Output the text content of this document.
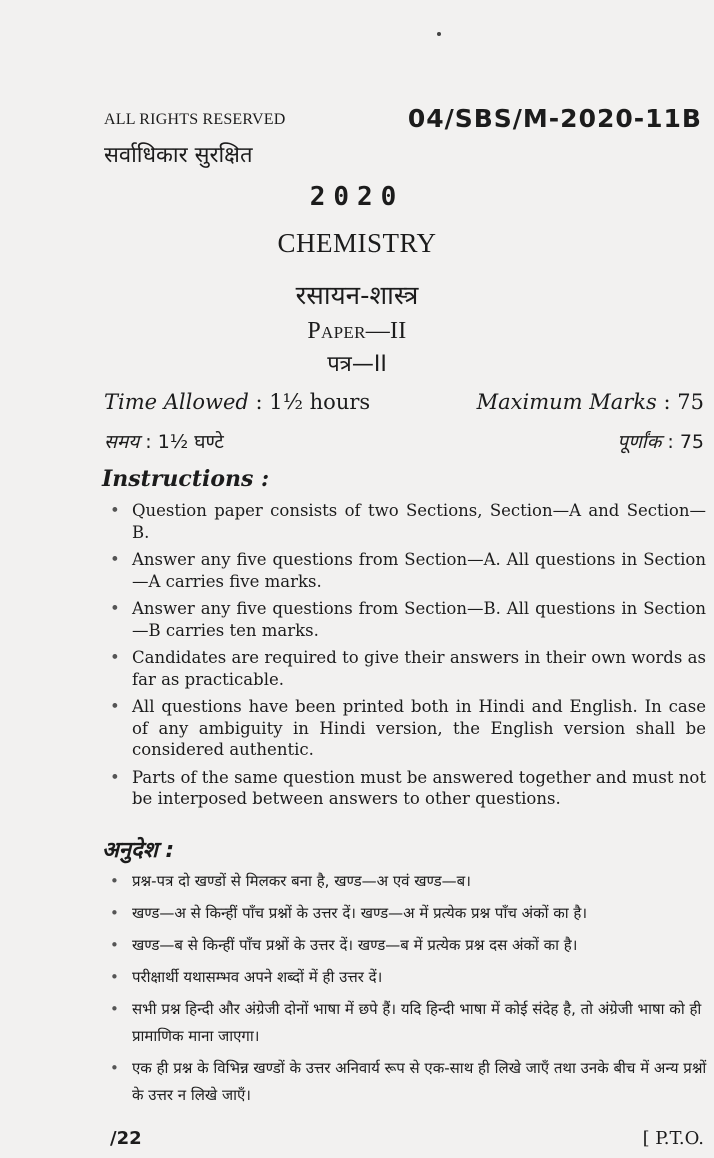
ALL RIGHTS RESERVED
सर्वाधिकार सुरक्षित
04/SBS/M-2020-11B
2020
CHEMISTRY
रसायन-शास्त्र
Paper—II
पत्र—II
Time Allowed : 1½ hours	Maximum Marks : 75
समय : 1½ घण्टे	पूर्णांक : 75
Instructions :
• Question paper consists of two Sections, Section—A and Section—B.
• Answer any five questions from Section—A. All questions in Section—A carries five marks.
• Answer any five questions from Section—B. All questions in Section—B carries ten marks.
• Candidates are required to give their answers in their own words as far as practicable.
• All questions have been printed both in Hindi and English. In case of any ambiguity in Hindi version, the English version shall be considered authentic.
• Parts of the same question must be answered together and must not be interposed between answers to other questions.
अनुदेश :
• प्रश्न-पत्र दो खण्डों से मिलकर बना है, खण्ड—अ एवं खण्ड—ब।
• खण्ड—अ से किन्हीं पाँच प्रश्नों के उत्तर दें। खण्ड—अ में प्रत्येक प्रश्न पाँच अंकों का है।
• खण्ड—ब से किन्हीं पाँच प्रश्नों के उत्तर दें। खण्ड—ब में प्रत्येक प्रश्न दस अंकों का है।
• परीक्षार्थी यथासम्भव अपने शब्दों में ही उत्तर दें।
• सभी प्रश्न हिन्दी और अंग्रेजी दोनों भाषा में छपे हैं। यदि हिन्दी भाषा में कोई संदेह है, तो अंग्रेजी भाषा को ही प्रामाणिक माना जाएगा।
• एक ही प्रश्न के विभिन्न खण्डों के उत्तर अनिवार्य रूप से एक-साथ ही लिखे जाएँ तथा उनके बीच में अन्य प्रश्नों के उत्तर न लिखे जाएँ।
/22	[ P.T.O.
